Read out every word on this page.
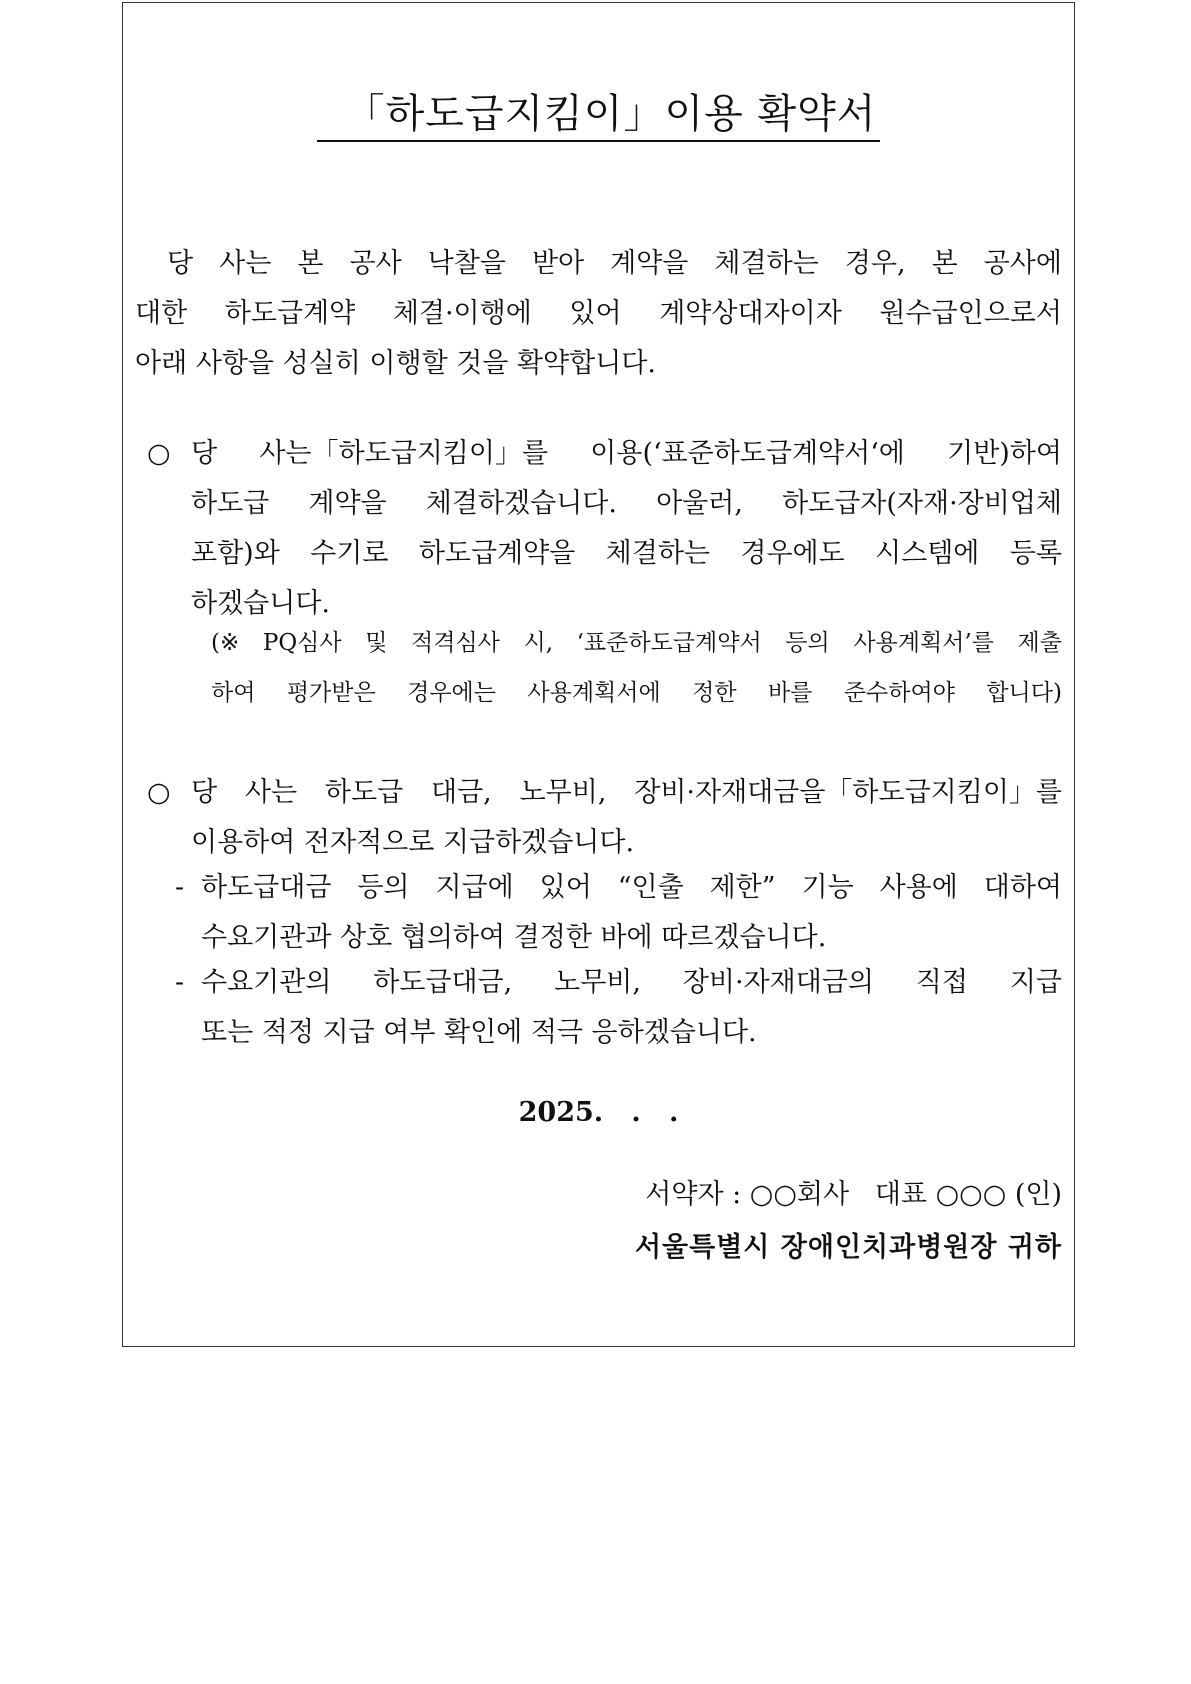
「하도급지킴이」이용 확약서
당 사는 본 공사 낙찰을 받아 계약을 체결하는 경우, 본 공사에
대한 하도급계약 체결·이행에 있어 계약상대자이자 원수급인으로서
아래 사항을 성실히 이행할 것을 확약합니다.
○ 당 사는「하도급지킴이」를 이용(‘표준하도급계약서‘에 기반)하여
하도급 계약을 체결하겠습니다. 아울러, 하도급자(자재·장비업체
포함)와 수기로 하도급계약을 체결하는 경우에도 시스템에 등록
하겠습니다.
(※ PQ심사 및 적격심사 시, ‘표준하도급계약서 등의 사용계획서’를 제출
하여 평가받은 경우에는 사용계획서에 정한 바를 준수하여야 합니다)
○ 당 사는 하도급 대금, 노무비, 장비·자재대금을「하도급지킴이」를
이용하여 전자적으로 지급하겠습니다.
- 하도급대금 등의 지급에 있어 “인출 제한” 기능 사용에 대하여
수요기관과 상호 협의하여 결정한 바에 따르겠습니다.
- 수요기관의 하도급대금, 노무비, 장비·자재대금의 직접 지급
또는 적정 지급 여부 확인에 적극 응하겠습니다.
2025.   .   .
서약자 : ○○회사   대표 ○○○ (인)
서울특별시 장애인치과병원장 귀하
